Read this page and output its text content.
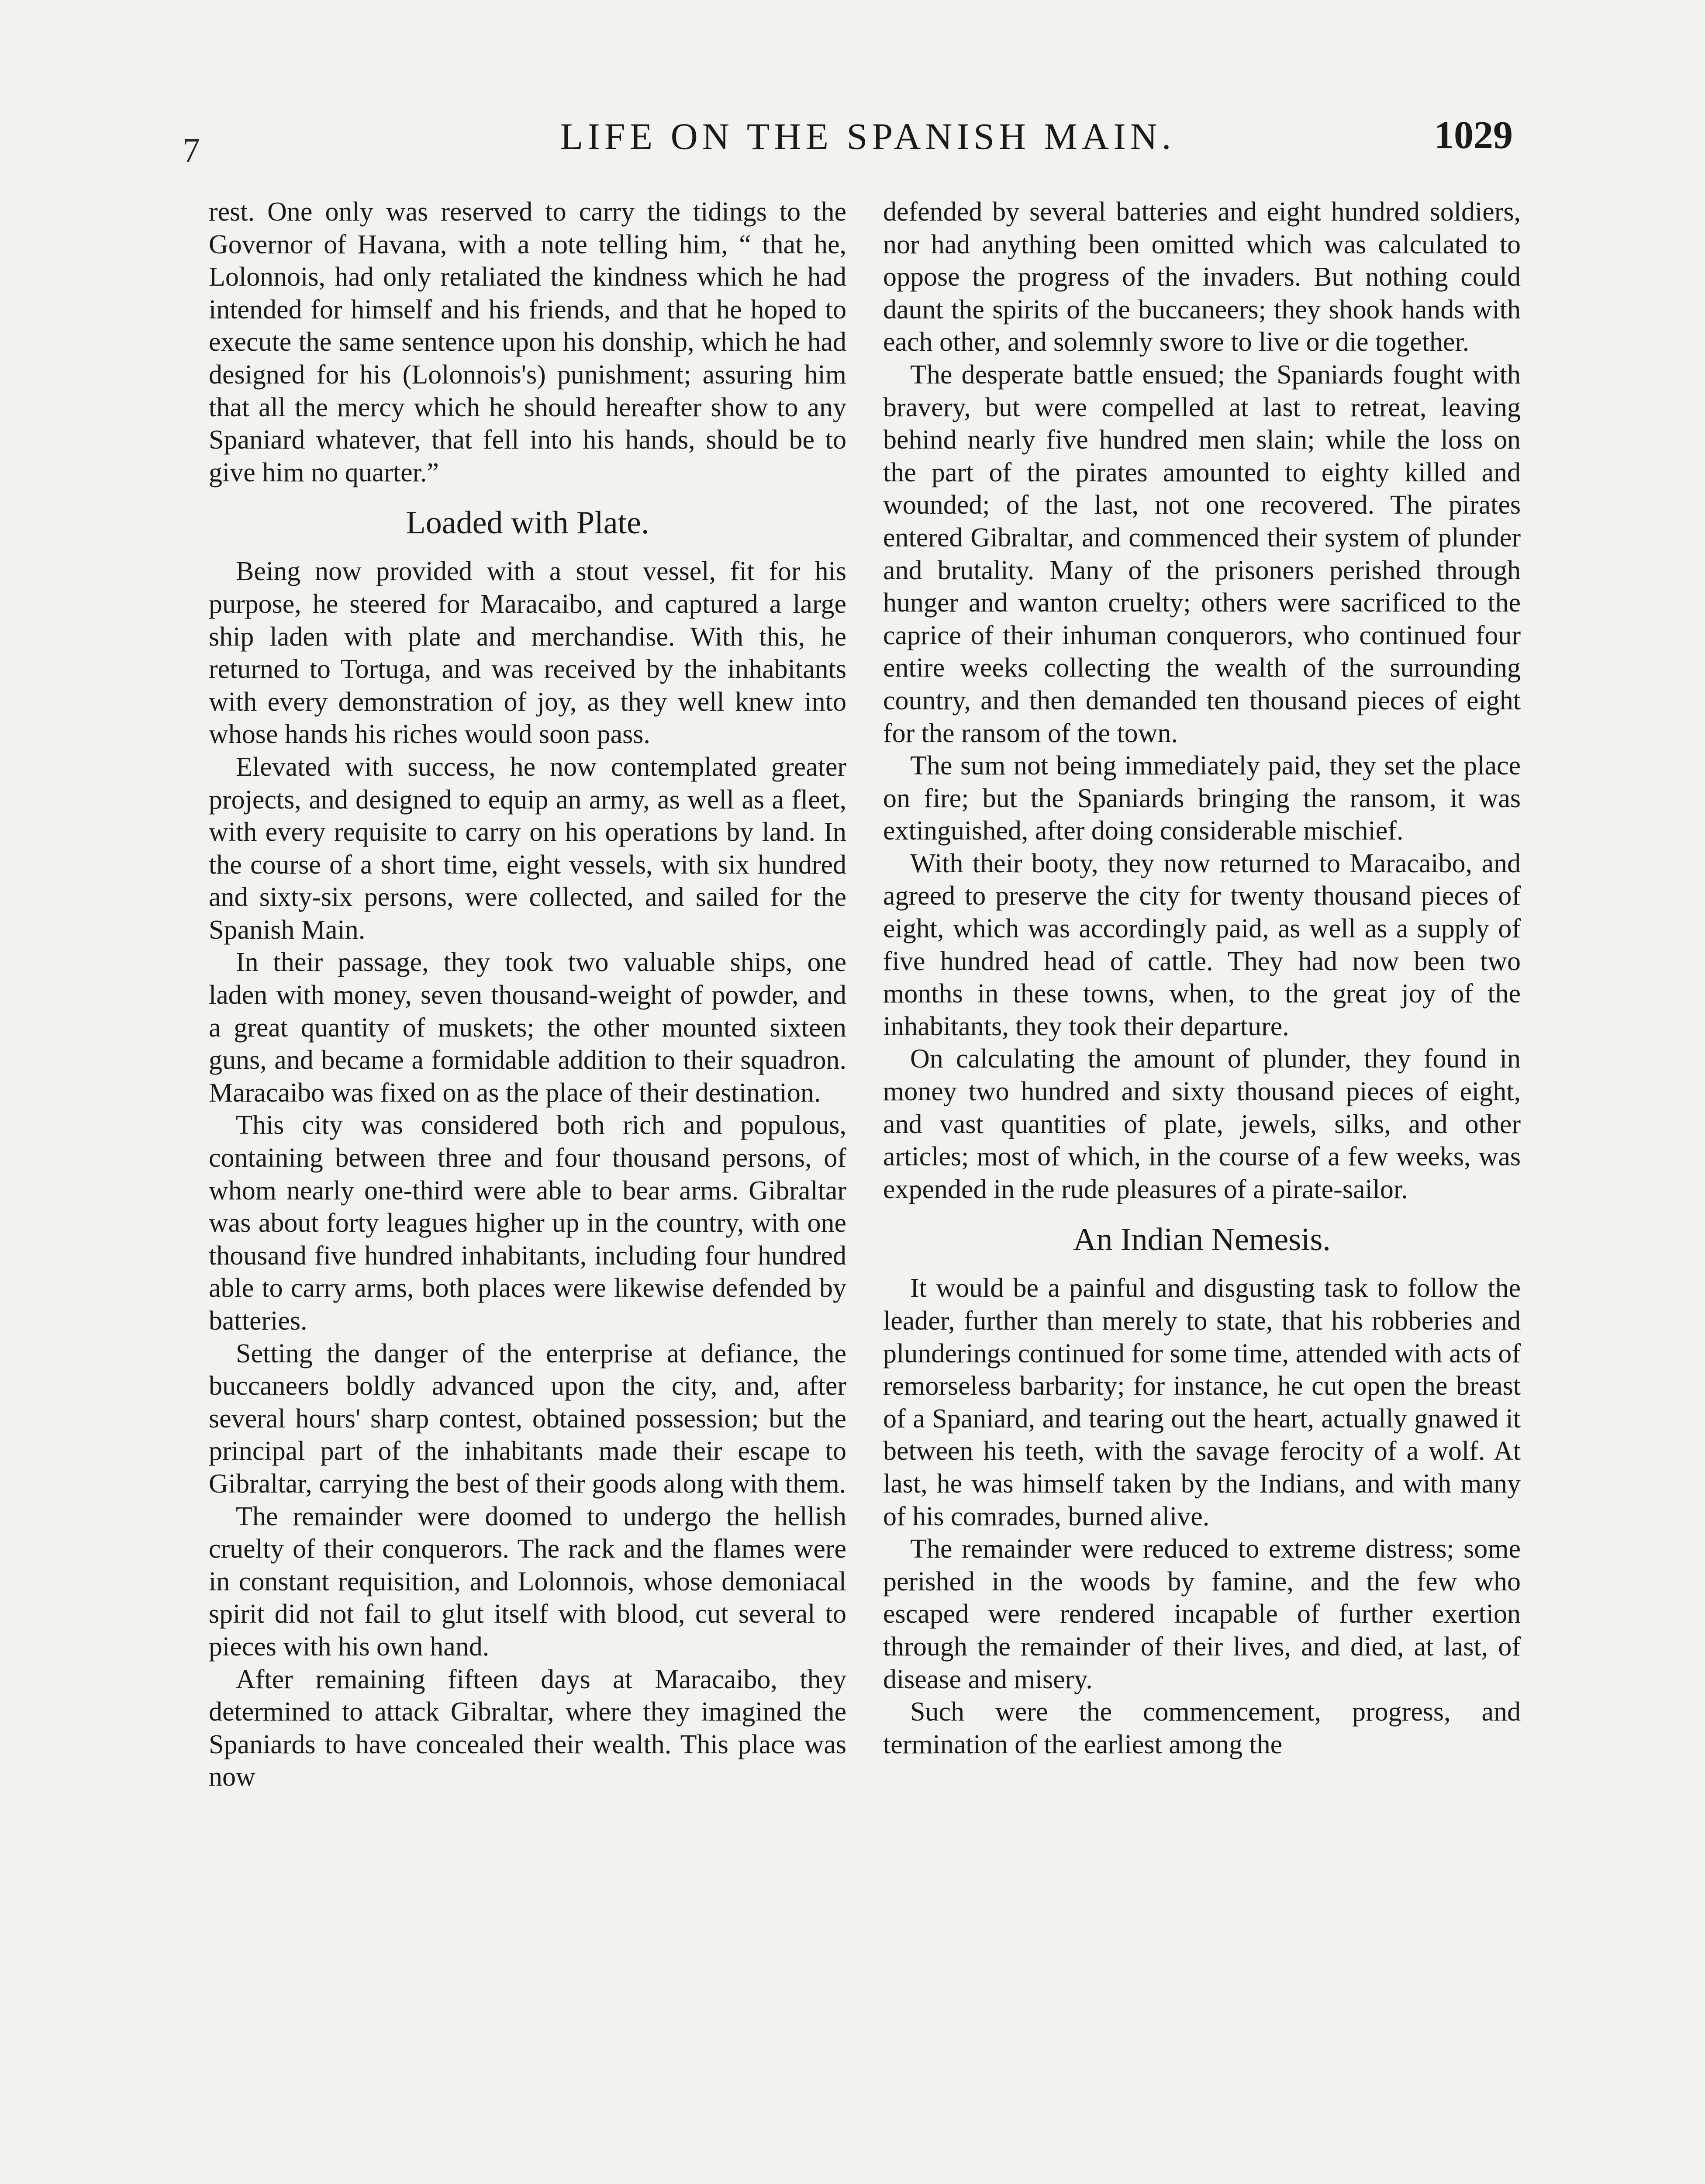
7	LIFE ON THE SPANISH MAIN.	1029

rest. One only was reserved to carry the tidings to the Governor of Havana, with a note telling him, “ that he, Lolonnois, had only retaliated the kindness which he had intended for himself and his friends, and that he hoped to execute the same sentence upon his donship, which he had designed for his (Lolonnois's) punishment; assuring him that all the mercy which he should hereafter show to any Spaniard whatever, that fell into his hands, should be to give him no quarter.”

Loaded with Plate.

Being now provided with a stout vessel, fit for his purpose, he steered for Maracaibo, and captured a large ship laden with plate and merchandise. With this, he returned to Tortuga, and was received by the inhabitants with every demonstration of joy, as they well knew into whose hands his riches would soon pass.

Elevated with success, he now contemplated greater projects, and designed to equip an army, as well as a fleet, with every requisite to carry on his operations by land. In the course of a short time, eight vessels, with six hundred and sixty-six persons, were collected, and sailed for the Spanish Main.

In their passage, they took two valuable ships, one laden with money, seven thousand-weight of powder, and a great quantity of muskets; the other mounted sixteen guns, and became a formidable addition to their squadron. Maracaibo was fixed on as the place of their destination.

This city was considered both rich and populous, containing between three and four thousand persons, of whom nearly one-third were able to bear arms. Gibraltar was about forty leagues higher up in the country, with one thousand five hundred inhabitants, including four hundred able to carry arms, both places were likewise defended by batteries.

Setting the danger of the enterprise at defiance, the buccaneers boldly advanced upon the city, and, after several hours' sharp contest, obtained possession; but the principal part of the inhabitants made their escape to Gibraltar, carrying the best of their goods along with them.

The remainder were doomed to undergo the hellish cruelty of their conquerors. The rack and the flames were in constant requisition, and Lolonnois, whose demoniacal spirit did not fail to glut itself with blood, cut several to pieces with his own hand.

After remaining fifteen days at Maracaibo, they determined to attack Gibraltar, where they imagined the Spaniards to have concealed their wealth. This place was now

defended by several batteries and eight hundred soldiers, nor had anything been omitted which was calculated to oppose the progress of the invaders. But nothing could daunt the spirits of the buccaneers; they shook hands with each other, and solemnly swore to live or die together.

The desperate battle ensued; the Spaniards fought with bravery, but were compelled at last to retreat, leaving behind nearly five hundred men slain; while the loss on the part of the pirates amounted to eighty killed and wounded; of the last, not one recovered. The pirates entered Gibraltar, and commenced their system of plunder and brutality. Many of the prisoners perished through hunger and wanton cruelty; others were sacrificed to the caprice of their inhuman conquerors, who continued four entire weeks collecting the wealth of the surrounding country, and then demanded ten thousand pieces of eight for the ransom of the town.

The sum not being immediately paid, they set the place on fire; but the Spaniards bringing the ransom, it was extinguished, after doing considerable mischief.

With their booty, they now returned to Maracaibo, and agreed to preserve the city for twenty thousand pieces of eight, which was accordingly paid, as well as a supply of five hundred head of cattle. They had now been two months in these towns, when, to the great joy of the inhabitants, they took their departure.

On calculating the amount of plunder, they found in money two hundred and sixty thousand pieces of eight, and vast quantities of plate, jewels, silks, and other articles; most of which, in the course of a few weeks, was expended in the rude pleasures of a pirate-sailor.

An Indian Nemesis.

It would be a painful and disgusting task to follow the leader, further than merely to state, that his robberies and plunderings continued for some time, attended with acts of remorseless barbarity; for instance, he cut open the breast of a Spaniard, and tearing out the heart, actually gnawed it between his teeth, with the savage ferocity of a wolf. At last, he was himself taken by the Indians, and with many of his comrades, burned alive.

The remainder were reduced to extreme distress; some perished in the woods by famine, and the few who escaped were rendered incapable of further exertion through the remainder of their lives, and died, at last, of disease and misery.

Such were the commencement, progress, and termination of the earliest among the
